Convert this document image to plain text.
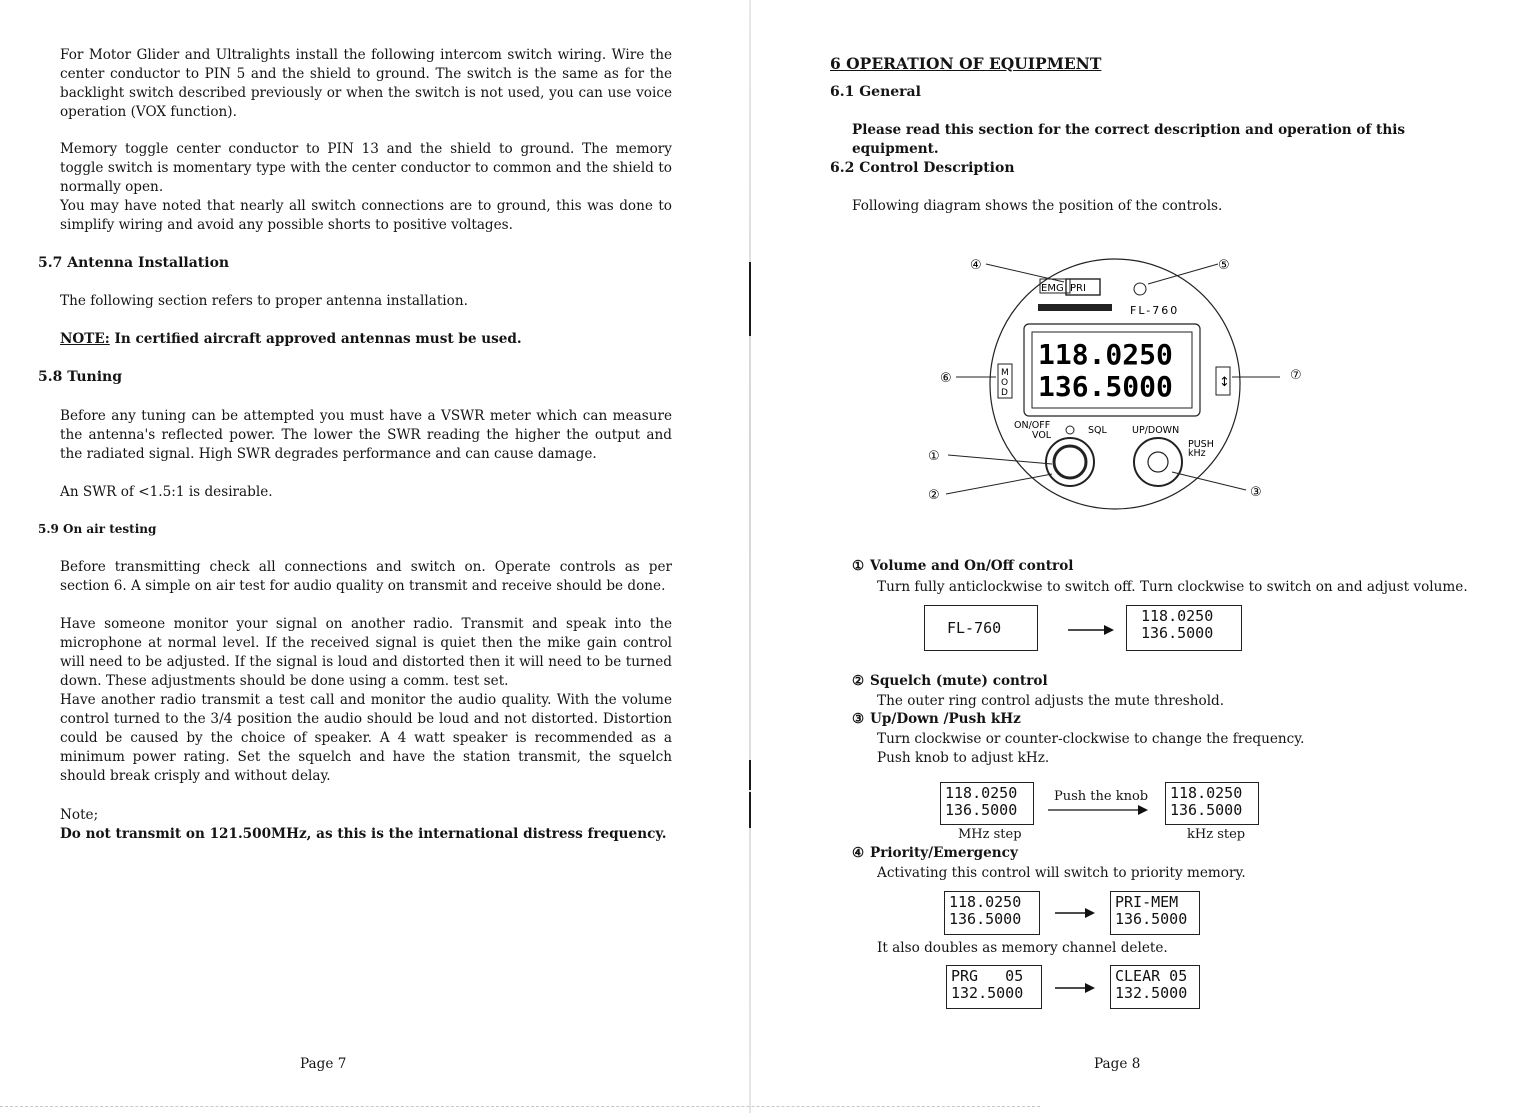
For Motor Glider and Ultralights install the following intercom switch wiring. Wire the center conductor to PIN 5 and the shield to ground. The switch is the same as for the backlight switch described previously or when the switch is not used, you can use voice operation (VOX function).

Memory toggle center conductor to PIN 13 and the shield to ground. The memory toggle switch is momentary type with the center conductor to common and the shield to normally open.

You may have noted that nearly all switch connections are to ground, this was done to simplify wiring and avoid any possible shorts to positive voltages.

5.7 Antenna Installation

The following section refers to proper antenna installation.

NOTE: In certified aircraft approved antennas must be used.

5.8 Tuning

Before any tuning can be attempted you must have a VSWR meter which can measure the antenna's reflected power. The lower the SWR reading the higher the output and the radiated signal. High SWR degrades performance and can cause damage.

An SWR of <1.5:1 is desirable.

5.9 On air testing

Before transmitting check all connections and switch on. Operate controls as per section 6. A simple on air test for audio quality on transmit and receive should be done.

Have someone monitor your signal on another radio. Transmit and speak into the microphone at normal level. If the received signal is quiet then the mike gain control will need to be adjusted. If the signal is loud and distorted then it will need to be turned down. These adjustments should be done using a comm. test set.

Have another radio transmit a test call and monitor the audio quality. With the volume control turned to the 3/4 position the audio should be loud and not distorted. Distortion could be caused by the choice of speaker. A 4 watt speaker is recommended as a minimum power rating. Set the squelch and have the station transmit, the squelch should break crisply and without delay.

Note;

Do not transmit on 121.500MHz, as this is the international distress frequency.

Page 7
6 OPERATION OF EQUIPMENT
6.1 General

Please read this section for the correct description and operation of this equipment.

6.2 Control Description

Following diagram shows the position of the controls.

EMG PRI
FL-760
118.0250
136.5000
M O D
↕
ON/OFF
VOL	SQL	UP/DOWN
PUSH
kHz
④	⑤
⑥
①
②	③
⑦
① Volume and On/Off control
Turn fully anticlockwise to switch off. Turn clockwise to switch on and adjust volume.
FL-760
118.0250
136.5000
② Squelch (mute) control
The outer ring control adjusts the mute threshold.
③ Up/Down /Push kHz
Turn clockwise or counter-clockwise to change the frequency.
Push knob to adjust kHz.
118.0250
136.5000
Push the knob 118.0250
136.5000
MHz step	kHz step
④ Priority/Emergency
Activating this control will switch to priority memory.
118.0250
136.5000
PRI-MEM
136.5000
It also doubles as memory channel delete.
PRG   05
132.5000
CLEAR 05
132.5000
Page 8
